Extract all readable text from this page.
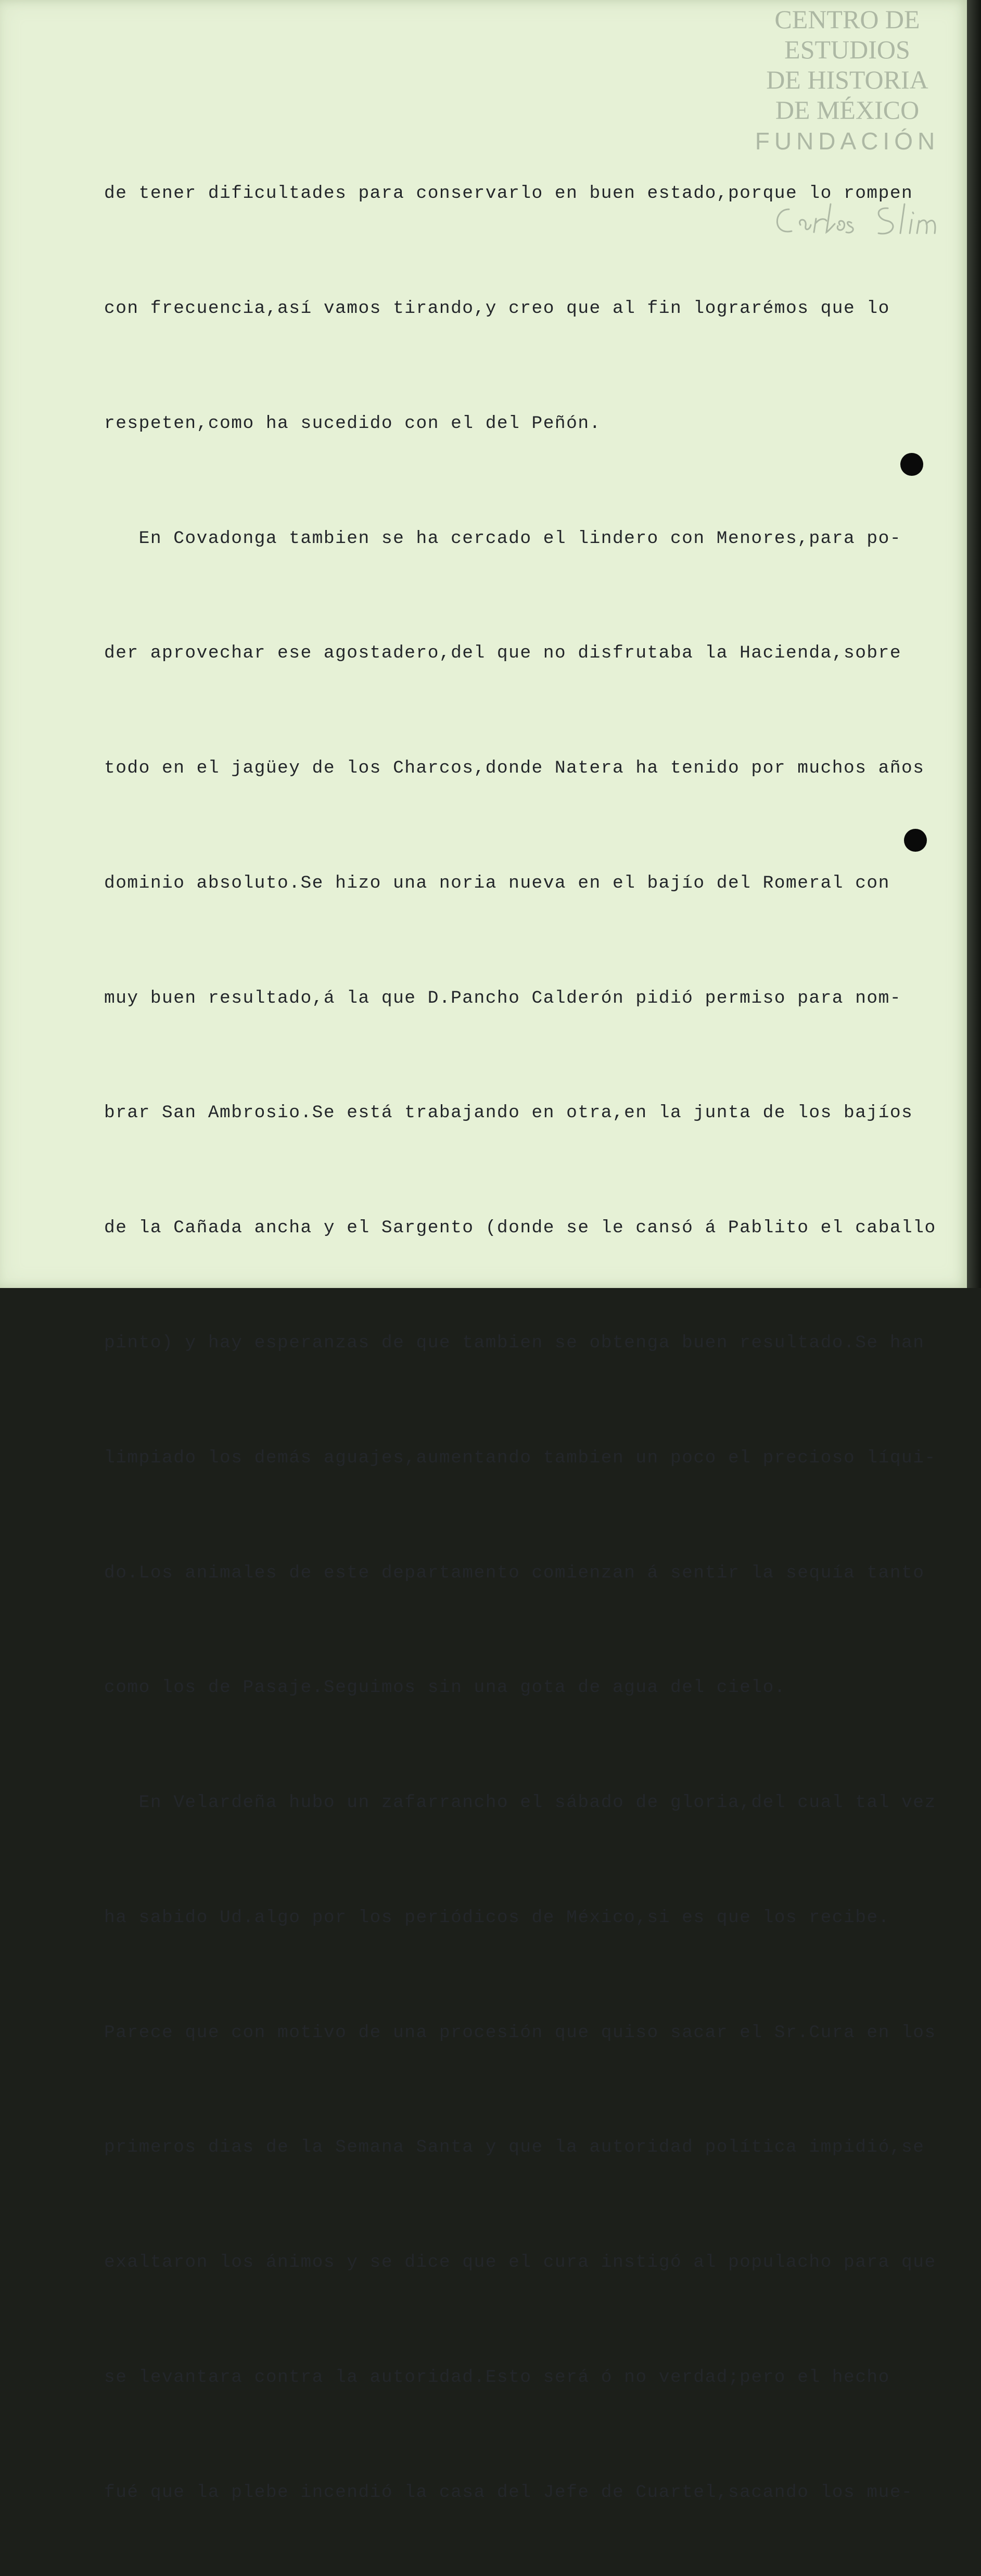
CENTRO DE
ESTUDIOS
DE HISTORIA
DE MÉXICO
FUNDACIÓN

de tener dificultades para conservarlo en buen estado,porque lo rompen

con frecuencia,así vamos tirando,y creo que al fin lograrémos que lo

respeten,como ha sucedido con el del Peñón.

En Covadonga tambien se ha cercado el lindero con Menores,para po-

der aprovechar ese agostadero,del que no disfrutaba la Hacienda,sobre

todo en el jagüey de los Charcos,donde Natera ha tenido por muchos años

dominio absoluto.Se hizo una noria nueva en el bajío del Romeral con

muy buen resultado,á la que D.Pancho Calderón pidió permiso para nom-

brar San Ambrosio.Se está trabajando en otra,en la junta de los bajíos

de la Cañada ancha y el Sargento (donde se le cansó á Pablito el caballo

pinto) y hay esperanzas de que tambien se obtenga buen resultado.Se han

limpiado los demás aguajes,aumentando tambien un poco el precioso líqui-

do.Los animales de este departamento comienzan á sentir la sequía tanto

como los de Pasaje.Seguimos sin una gota de agua del cielo.

En Velardeña hubo un zafarrancho el sábado de gloria,del cual tal vez

ha sabido Ud.algo por los periódicos de México,si es que los recibe.

Parece que con motivo de una procesión que quiso sacar el Sr.Cura en los

primeros dias de la Semana Santa y que la autoridad política impidió,se

exaltaron los ánimos y se dice que el cura instigó al populacho para que

se levantara contra la autoridad.Esto será ó no verdad;pero el hecho

fué que la plebe incendió la casa del Jefe de Cuartel,sacando los mue-
